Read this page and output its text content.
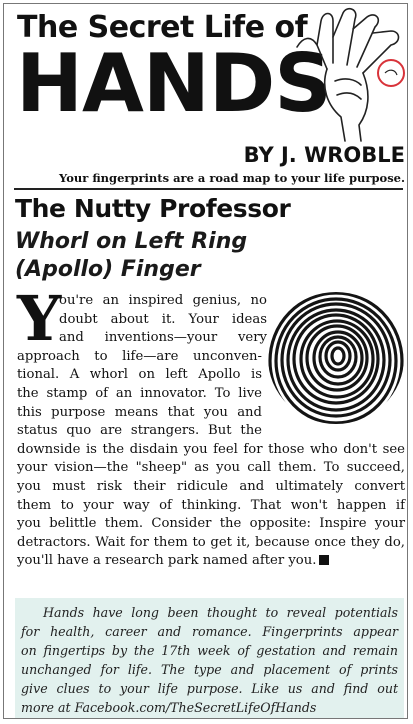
The Secret Life of
HANDS
BY J. WROBLE
Your fingerprints are a road map to your life purpose.
The Nutty Professor
Whorl on Left Ring
(Apollo) Finger
Y
ou're an inspired genius, no
doubt about it. Your ideas
and inventions—your very
approach to life—are unconven-
tional. A whorl on left Apollo is
the stamp of an innovator. To live
this purpose means that you and
status quo are strangers. But the
downside is the disdain you feel for those who don't see
your vision—the "sheep" as you call them. To succeed,
you must risk their ridicule and ultimately convert
them to your way of thinking. That won't happen if
you belittle them. Consider the opposite: Inspire your
detractors. Wait for them to get it, because once they do,
you'll have a research park named after you.
Hands have long been thought to reveal potentials
for health, career and romance. Fingerprints appear
on fingertips by the 17th week of gestation and remain
unchanged for life. The type and placement of prints
give clues to your life purpose. Like us and find out
more at Facebook.com/TheSecretLifeOfHands
